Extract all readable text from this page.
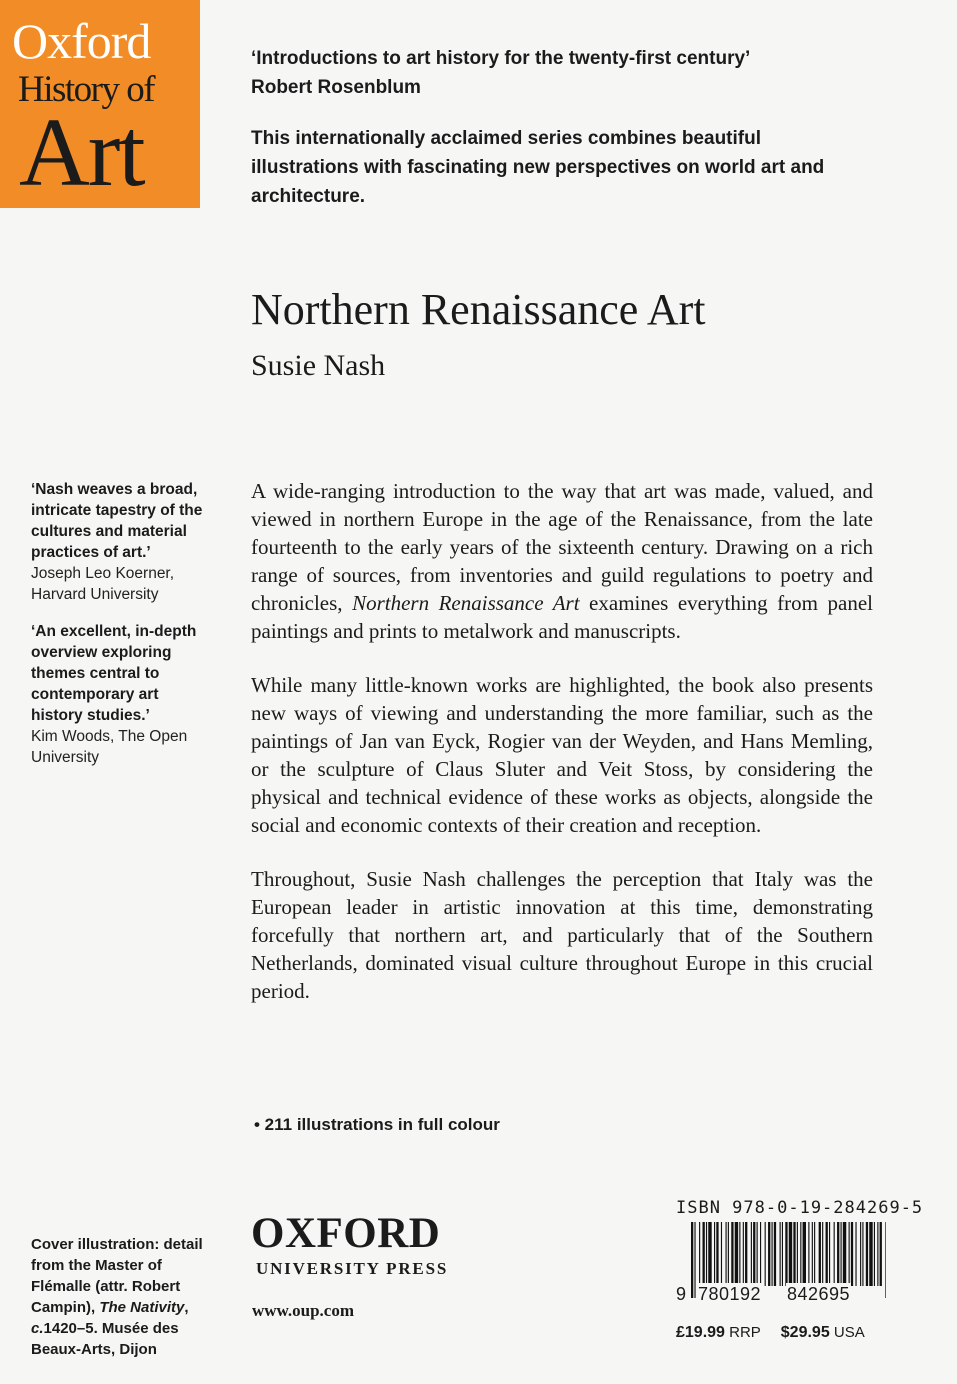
Oxford
History of
Art
‘Introductions to art history for the twenty-first century’
Robert Rosenblum
This internationally acclaimed series combines beautiful illustrations with fascinating new perspectives on world art and architecture.
Northern Renaissance Art
Susie Nash
‘Nash weaves a broad, intricate tapestry of the cultures and material practices of art.’
Joseph Leo Koerner, Harvard University
‘An excellent, in-depth overview exploring themes central to contemporary art history studies.’
Kim Woods, The Open University

A wide-ranging introduction to the way that art was made, valued, and viewed in northern Europe in the age of the Renaissance, from the late fourteenth to the early years of the sixteenth century. Drawing on a rich range of sources, from inventories and guild regulations to poetry and chronicles, Northern Renaissance Art examines everything from panel paintings and prints to metalwork and manuscripts.

While many little-known works are highlighted, the book also presents new ways of viewing and understanding the more familiar, such as the paintings of Jan van Eyck, Rogier van der Weyden, and Hans Memling, or the sculpture of Claus Sluter and Veit Stoss, by considering the physical and technical evidence of these works as objects, alongside the social and economic contexts of their creation and reception.

Throughout, Susie Nash challenges the perception that Italy was the European leader in artistic innovation at this time, demonstrating forcefully that northern art, and particularly that of the Southern Netherlands, dominated visual culture throughout Europe in this crucial period.

• 211 illustrations in full colour
Cover illustration: detail from the Master of Flémalle (attr. Robert Campin), The Nativity, c.1420–5. Musée des Beaux-Arts, Dijon
OXFORD
UNIVERSITY PRESS
www.oup.com
ISBN 978-0-19-284269-5
9 780192 842695
£19.99 RRP $29.95 USA
